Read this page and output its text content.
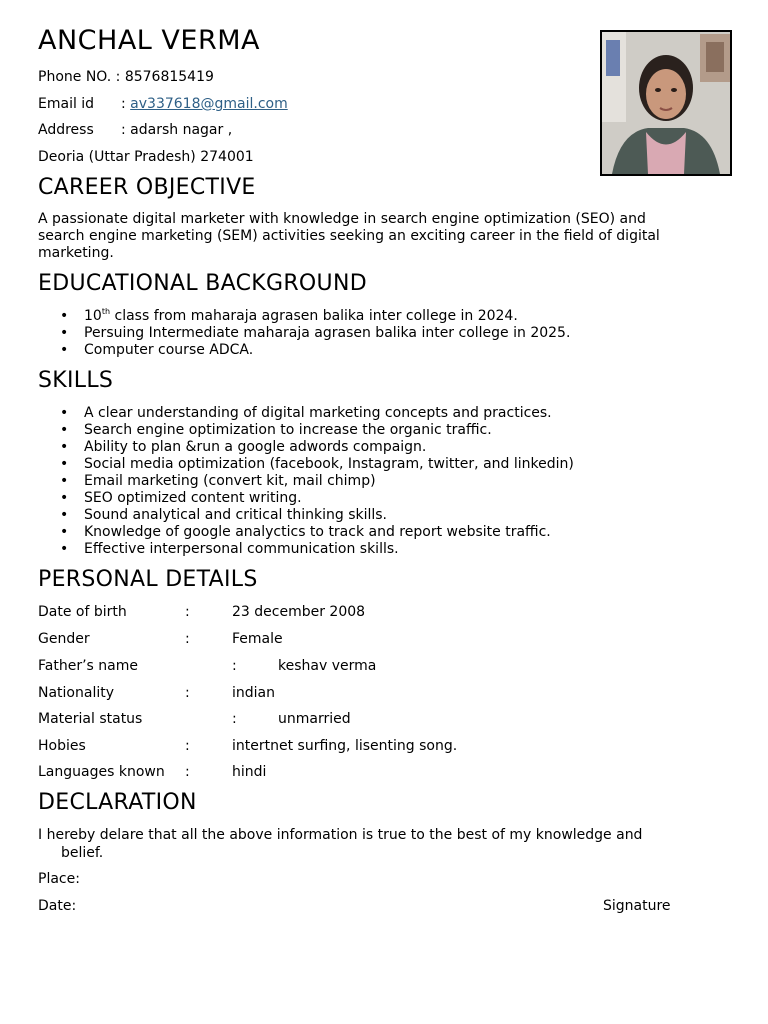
ANCHAL VERMA
Phone NO. : 8576815419
Email id : av337618@gmail.com
Address : adarsh nagar ,
Deoria (Uttar Pradesh) 274001
CAREER OBJECTIVE
A passionate digital marketer with knowledge in search engine optimization (SEO) and
search engine marketing (SEM) activities seeking an exciting career in the field of digital
marketing.
EDUCATIONAL BACKGROUND
• 10th class from maharaja agrasen balika inter college in 2024.
• Persuing Intermediate maharaja agrasen balika inter college in 2025.
• Computer course ADCA.
SKILLS
• A clear understanding of digital marketing concepts and practices.
• Search engine optimization to increase the organic traffic.
• Ability to plan &run a google adwords compaign.
• Social media optimization (facebook, Instagram, twitter, and linkedin)
• Email marketing (convert kit, mail chimp)
• SEO optimized content writing.
• Sound analytical and critical thinking skills.
• Knowledge of google analyctics to track and report website traffic.
• Effective interpersonal communication skills.
PERSONAL DETAILS
Date of birth	:	23 december 2008
Gender	:	Female
Father’s name	:	keshav verma
Nationality	:	indian
Material status	:	unmarried
Hobies	:	intertnet surfing, lisenting song.
Languages known :	hindi
DECLARATION
I hereby delare that all the above information is true to the best of my knowledge and
belief.
Place:
Date:	Signature
